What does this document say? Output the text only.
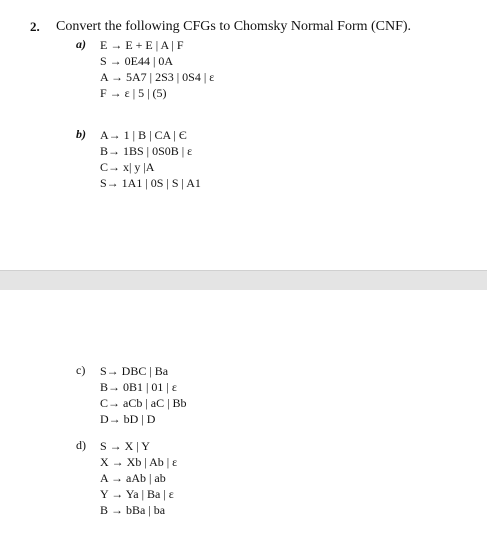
2. Convert the following CFGs to Chomsky Normal Form (CNF).
a) E → E + E | A | F
S → 0E44 | 0A
A → 5A7 | 2S3 | 0S4 | ε
F → ε | 5 | (5)
b) A→ 1 | B | CA | Є
B→ 1BS | 0S0B | ε
C→ x| y |A
S→ 1A1 | 0S | S | A1
c) S→ DBC | Ba
B→ 0B1 | 01 | ε
C→ aCb | aC | Bb
D→ bD | D
d) S → X | Y
X → Xb | Ab | ε
A → aAb | ab
Y → Ya | Ba | ε
B → bBa | ba
